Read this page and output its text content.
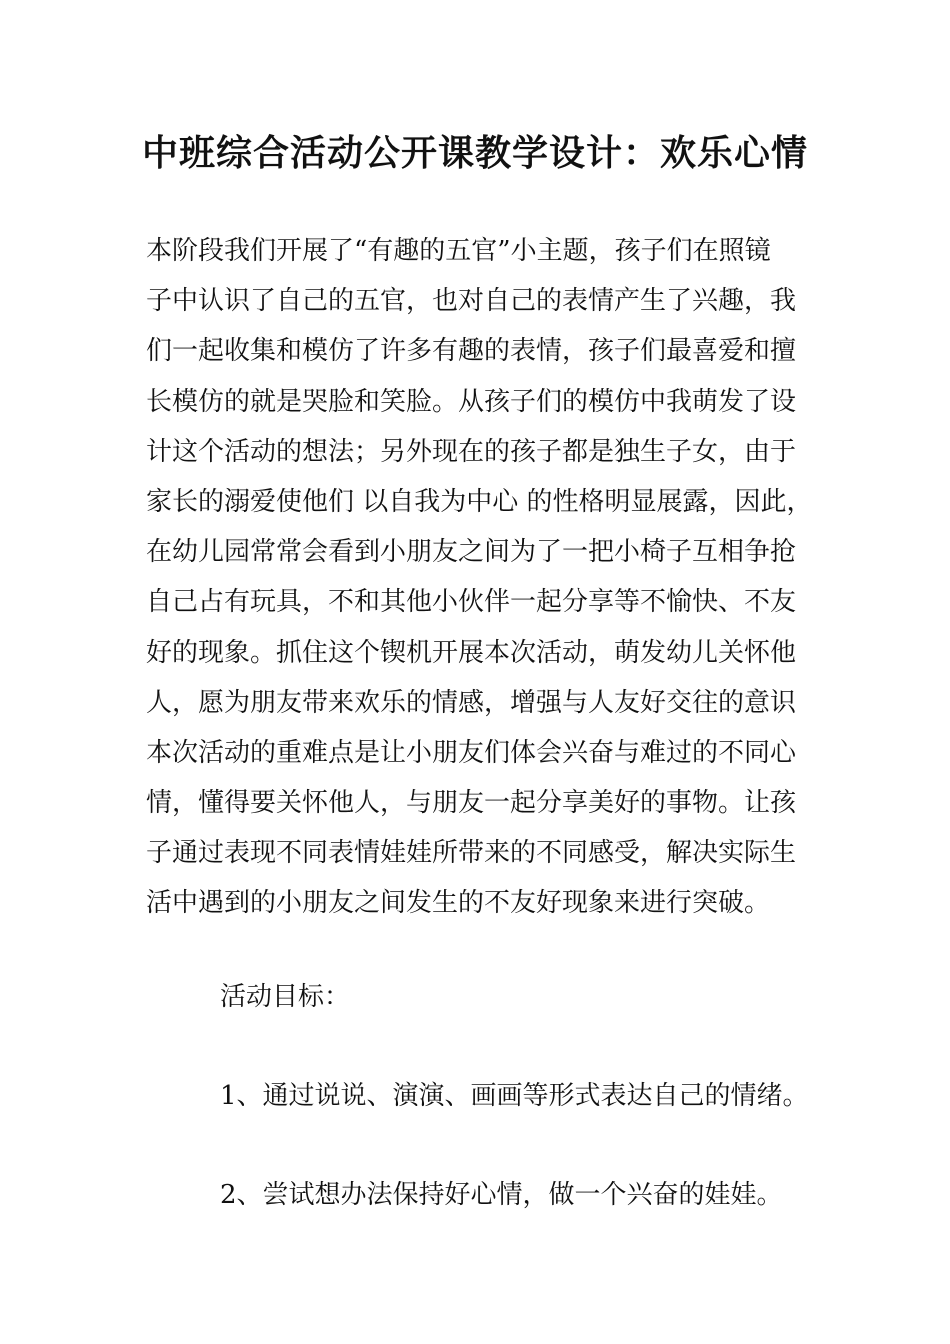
中班综合活动公开课教学设计：欢乐心情
本阶段我们开展了“有趣的五官”小主题，孩子们在照镜
子中认识了自己的五官，也对自己的表情产生了兴趣，我
们一起收集和模仿了许多有趣的表情，孩子们最喜爱和擅
长模仿的就是哭脸和笑脸。从孩子们的模仿中我萌发了设
计这个活动的想法；另外现在的孩子都是独生子女，由于
家长的溺爱使他们 以自我为中心 的性格明显展露，因此，
在幼儿园常常会看到小朋友之间为了一把小椅子互相争抢
自己占有玩具，不和其他小伙伴一起分享等不愉快、不友
好的现象。抓住这个锲机开展本次活动，萌发幼儿关怀他
人，愿为朋友带来欢乐的情感，增强与人友好交往的意识
本次活动的重难点是让小朋友们体会兴奋与难过的不同心
情，懂得要关怀他人，与朋友一起分享美好的事物。让孩
子通过表现不同表情娃娃所带来的不同感受，解决实际生
活中遇到的小朋友之间发生的不友好现象来进行突破。
活动目标：
1、通过说说、演演、画画等形式表达自己的情绪。
2、尝试想办法保持好心情，做一个兴奋的娃娃。
